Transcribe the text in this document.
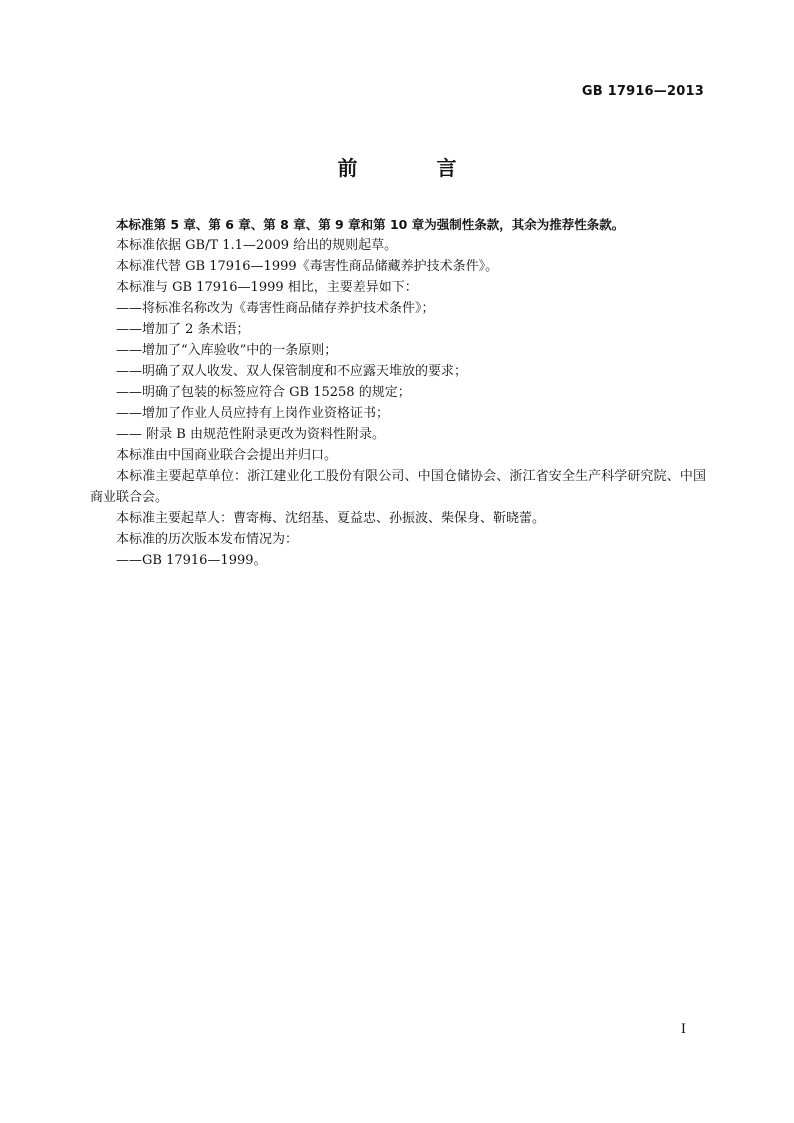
GB 17916—2013
前 言

本标准第 5 章、第 6 章、第 8 章、第 9 章和第 10 章为强制性条款，其余为推荐性条款。

本标准依据 GB/T 1.1—2009 给出的规则起草。

本标准代替 GB 17916—1999《毒害性商品储藏养护技术条件》。

本标准与 GB 17916—1999 相比，主要差异如下：

——将标准名称改为《毒害性商品储存养护技术条件》；

——增加了 2 条术语；

——增加了“入库验收”中的一条原则；

——明确了双人收发、双人保管制度和不应露天堆放的要求；

——明确了包装的标签应符合 GB 15258 的规定；

——增加了作业人员应持有上岗作业资格证书；

—— 附录 B 由规范性附录更改为资料性附录。

本标准由中国商业联合会提出并归口。

本标准主要起草单位：浙江建业化工股份有限公司、中国仓储协会、浙江省安全生产科学研究院、中国商业联合会。

本标准主要起草人：曹寄梅、沈绍基、夏益忠、孙振波、柴保身、靳晓蕾。

本标准的历次版本发布情况为：

——GB 17916—1999。

I
